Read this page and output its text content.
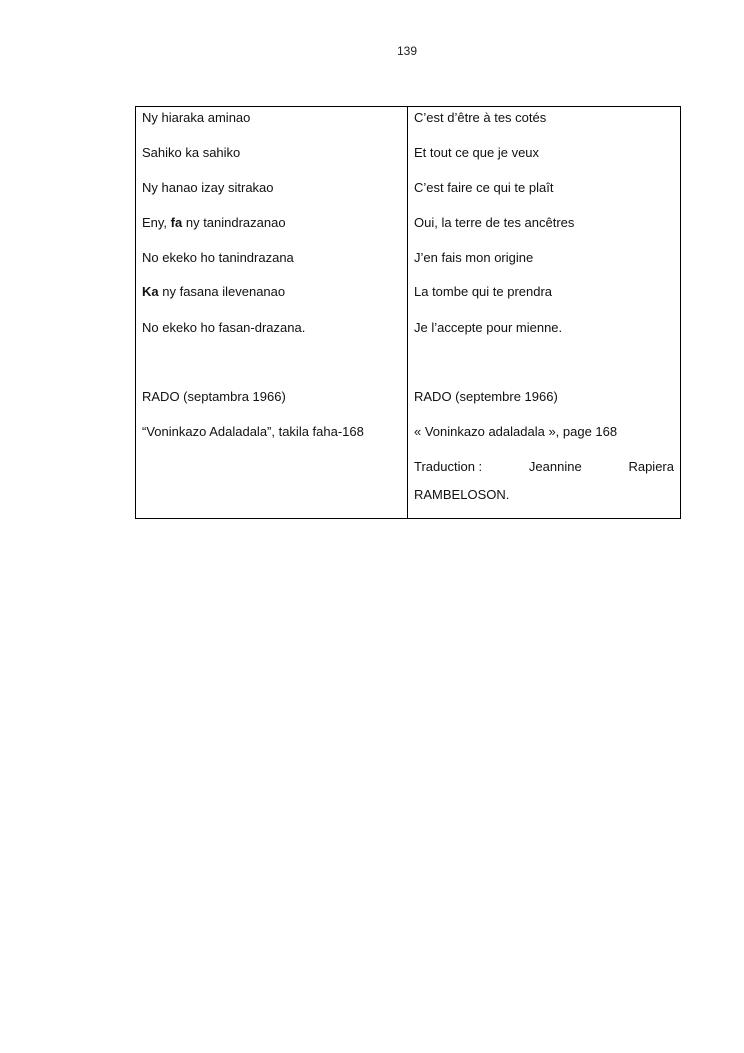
139
Ny hiaraka aminao
Sahiko ka sahiko
Ny hanao izay sitrakao
Eny, fa ny tanindrazanao
No ekeko ho tanindrazana
Ka ny fasana ilevenanao
No ekeko ho fasan-drazana.
RADO (septambra 1966)
“Voninkazo Adaladala”, takila faha-168
C’est d’être à tes cotés
Et tout ce que je veux
C’est faire ce qui te plaît
Oui, la terre de tes ancêtres
J’en fais mon origine
La tombe qui te prendra
Je l’accepte pour mienne.
RADO (septembre 1966)
« Voninkazo adaladala », page 168
Traduction :	Jeannine	Rapiera
RAMBELOSON.
